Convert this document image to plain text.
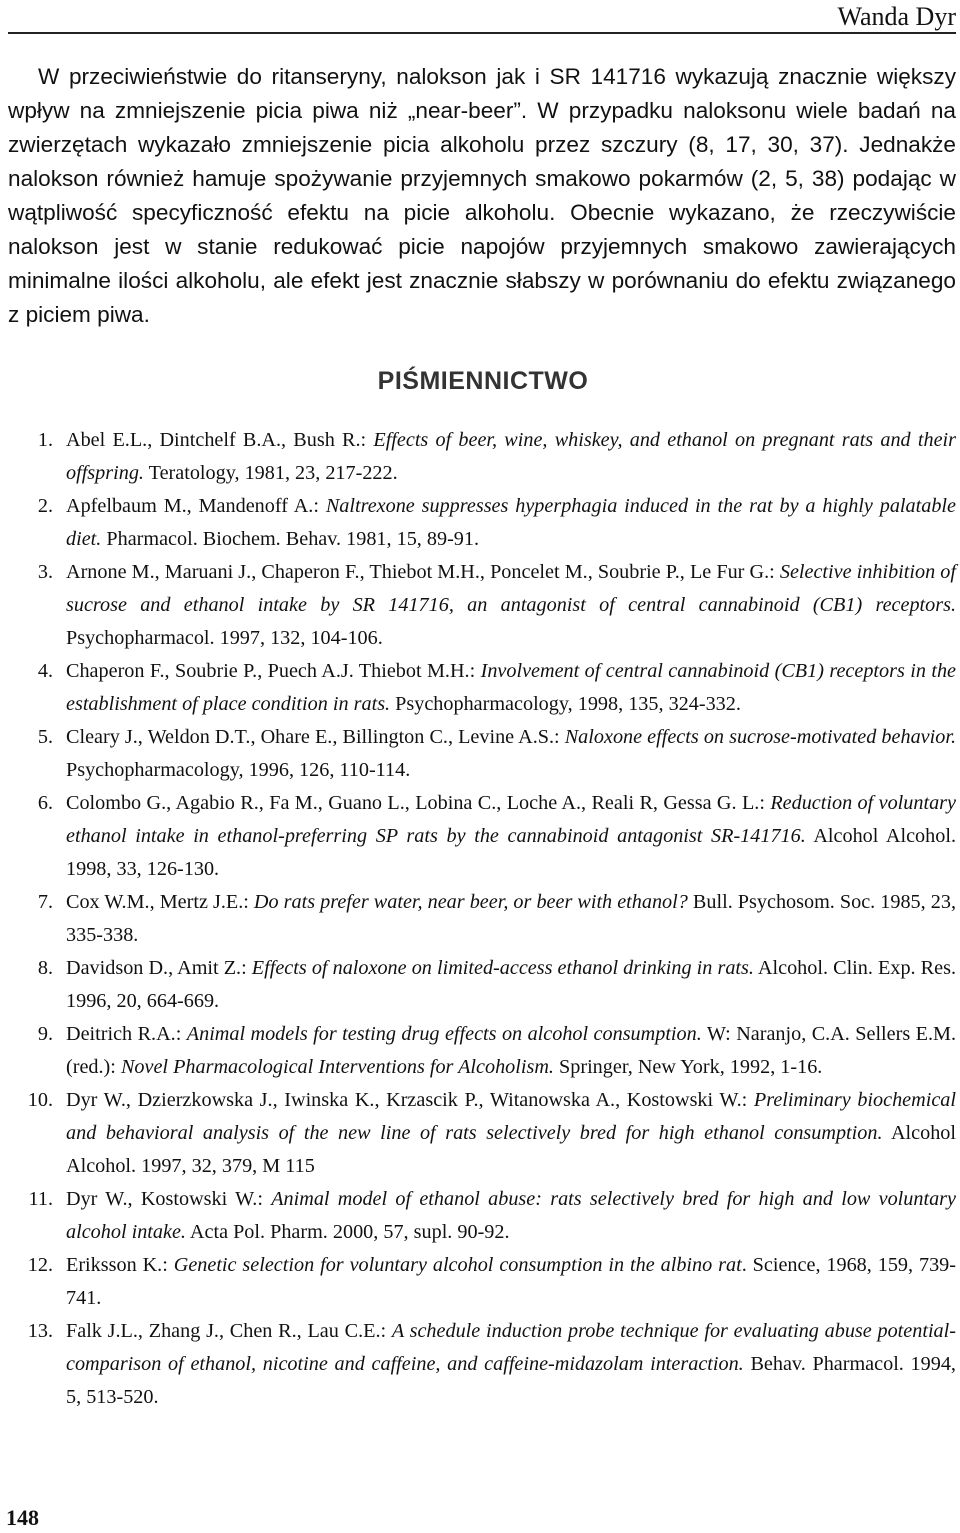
Wanda Dyr

W przeciwieństwie do ritanseryny, nalokson jak i SR 141716 wykazują znacznie większy wpływ na zmniejszenie picia piwa niż „near-beer”. W przypadku naloksonu wiele badań na zwierzętach wykazało zmniejszenie picia alkoholu przez szczury (8, 17, 30, 37). Jednakże nalokson również hamuje spożywanie przyjemnych smakowo pokarmów (2, 5, 38) podając w wątpliwość specyficzność efektu na picie alkoholu. Obecnie wykazano, że rzeczywiście nalokson jest w stanie redukować picie napojów przyjemnych smakowo zawierających minimalne ilości alkoholu, ale efekt jest znacznie słabszy w porównaniu do efektu związanego z piciem piwa.

PIŚMIENNICTWO
1. Abel E.L., Dintchelf B.A., Bush R.: Effects of beer, wine, whiskey, and ethanol on pregnant rats and their offspring. Teratology, 1981, 23, 217-222.
2. Apfelbaum M., Mandenoff A.: Naltrexone suppresses hyperphagia induced in the rat by a highly palatable diet. Pharmacol. Biochem. Behav. 1981, 15, 89-91.
3. Arnone M., Maruani J., Chaperon F., Thiebot M.H., Poncelet M., Soubrie P., Le Fur G.: Selective inhibition of sucrose and ethanol intake by SR 141716, an antagonist of central cannabinoid (CB1) receptors. Psychopharmacol. 1997, 132, 104-106.
4. Chaperon F., Soubrie P., Puech A.J. Thiebot M.H.: Involvement of central cannabinoid (CB1) receptors in the establishment of place condition in rats. Psychopharmacology, 1998, 135, 324-332.
5. Cleary J., Weldon D.T., Ohare E., Billington C., Levine A.S.: Naloxone effects on sucrose-motivated behavior. Psychopharmacology, 1996, 126, 110-114.
6. Colombo G., Agabio R., Fa M., Guano L., Lobina C., Loche A., Reali R, Gessa G. L.: Reduction of voluntary ethanol intake in ethanol-preferring SP rats by the cannabinoid antagonist SR-141716. Alcohol Alcohol. 1998, 33, 126-130.
7. Cox W.M., Mertz J.E.: Do rats prefer water, near beer, or beer with ethanol? Bull. Psychosom. Soc. 1985, 23, 335-338.
8. Davidson D., Amit Z.: Effects of naloxone on limited-access ethanol drinking in rats. Alcohol. Clin. Exp. Res. 1996, 20, 664-669.
9. Deitrich R.A.: Animal models for testing drug effects on alcohol consumption. W: Naranjo, C.A. Sellers E.M. (red.): Novel Pharmacological Interventions for Alcoholism. Springer, New York, 1992, 1-16.
10. Dyr W., Dzierzkowska J., Iwinska K., Krzascik P., Witanowska A., Kostowski W.: Preliminary biochemical and behavioral analysis of the new line of rats selectively bred for high ethanol consumption. Alcohol Alcohol. 1997, 32, 379, M 115
11. Dyr W., Kostowski W.: Animal model of ethanol abuse: rats selectively bred for high and low voluntary alcohol intake. Acta Pol. Pharm. 2000, 57, supl. 90-92.
12. Eriksson K.: Genetic selection for voluntary alcohol consumption in the albino rat. Science, 1968, 159, 739-741.
13. Falk J.L., Zhang J., Chen R., Lau C.E.: A schedule induction probe technique for evaluating abuse potential-comparison of ethanol, nicotine and caffeine, and caffeine-midazolam interaction. Behav. Pharmacol. 1994, 5, 513-520.
148
